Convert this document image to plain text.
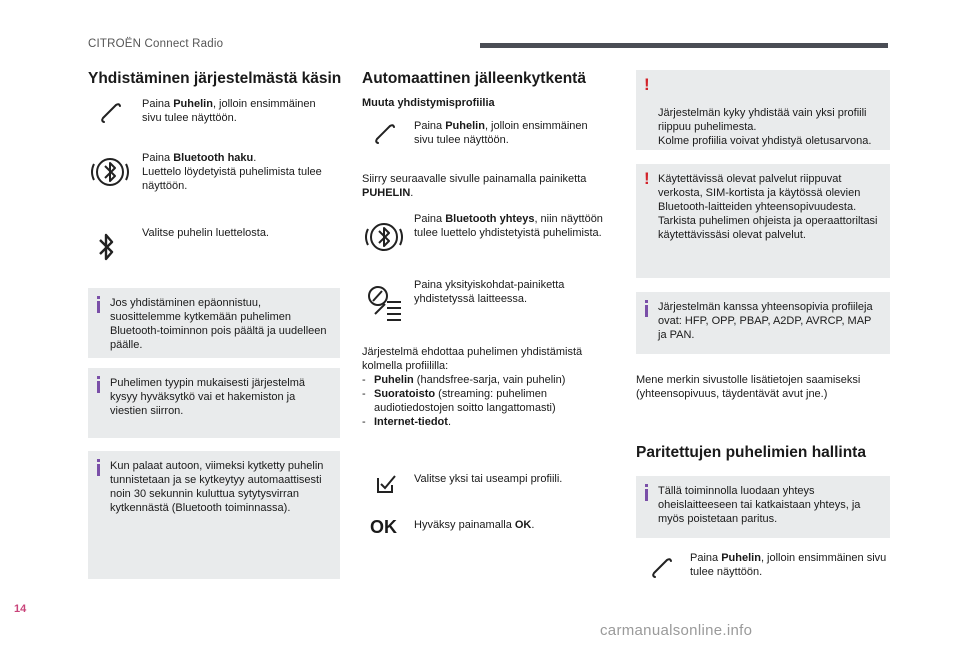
CITROËN Connect Radio
Yhdistäminen järjestelmästä käsin
Paina Puhelin, jolloin ensimmäinen sivu tulee näyttöön.
Paina Bluetooth haku.
Luettelo löydetyistä puhelimista tulee näyttöön.
Valitse puhelin luettelosta.
Jos yhdistäminen epäonnistuu, suosittelemme kytkemään puhelimen Bluetooth-toiminnon pois päältä ja uudelleen päälle.
Puhelimen tyypin mukaisesti järjestelmä kysyy hyväksytkö vai et hakemiston ja viestien siirron.
Kun palaat autoon, viimeksi kytketty puhelin tunnistetaan ja se kytkeytyy automaattisesti noin 30 sekunnin kuluttua sytytysvirran kytkennästä (Bluetooth toiminnassa).
Automaattinen jälleenkytkentä
Muuta yhdistymisprofiilia
Paina Puhelin, jolloin ensimmäinen sivu tulee näyttöön.
Siirry seuraavalle sivulle painamalla painiketta PUHELIN.
Paina Bluetooth yhteys, niin näyttöön tulee luettelo yhdistetyistä puhelimista.
Paina yksityiskohdat-painiketta yhdistetyssä laitteessa.
Järjestelmä ehdottaa puhelimen yhdistämistä kolmella profiililla:
- Puhelin (handsfree-sarja, vain puhelin)
- Suoratoisto (streaming: puhelimen audiotiedostojen soitto langattomasti)
- Internet-tiedot.
Valitse yksi tai useampi profiili.
OK Hyväksy painamalla OK.

!

Järjestelmän kyky yhdistää vain yksi profiili riippuu puhelimesta.
Kolme profiilia voivat yhdistyä oletusarvona.

! Käytettävissä olevat palvelut riippuvat verkosta, SIM-kortista ja käytössä olevien Bluetooth-laitteiden yhteensopivuudesta. Tarkista puhelimen ohjeista ja operaattoriltasi käytettävissäsi olevat palvelut.
Järjestelmän kanssa yhteensopivia profiileja ovat: HFP, OPP, PBAP, A2DP, AVRCP, MAP ja PAN.
Mene merkin sivustolle lisätietojen saamiseksi (yhteensopivuus, täydentävät avut jne.)
Paritettujen puhelimien hallinta
Tällä toiminnolla luodaan yhteys oheislaitteeseen tai katkaistaan yhteys, ja myös poistetaan paritus.
Paina Puhelin, jolloin ensimmäinen sivu tulee näyttöön.
14
carmanualsonline.info
